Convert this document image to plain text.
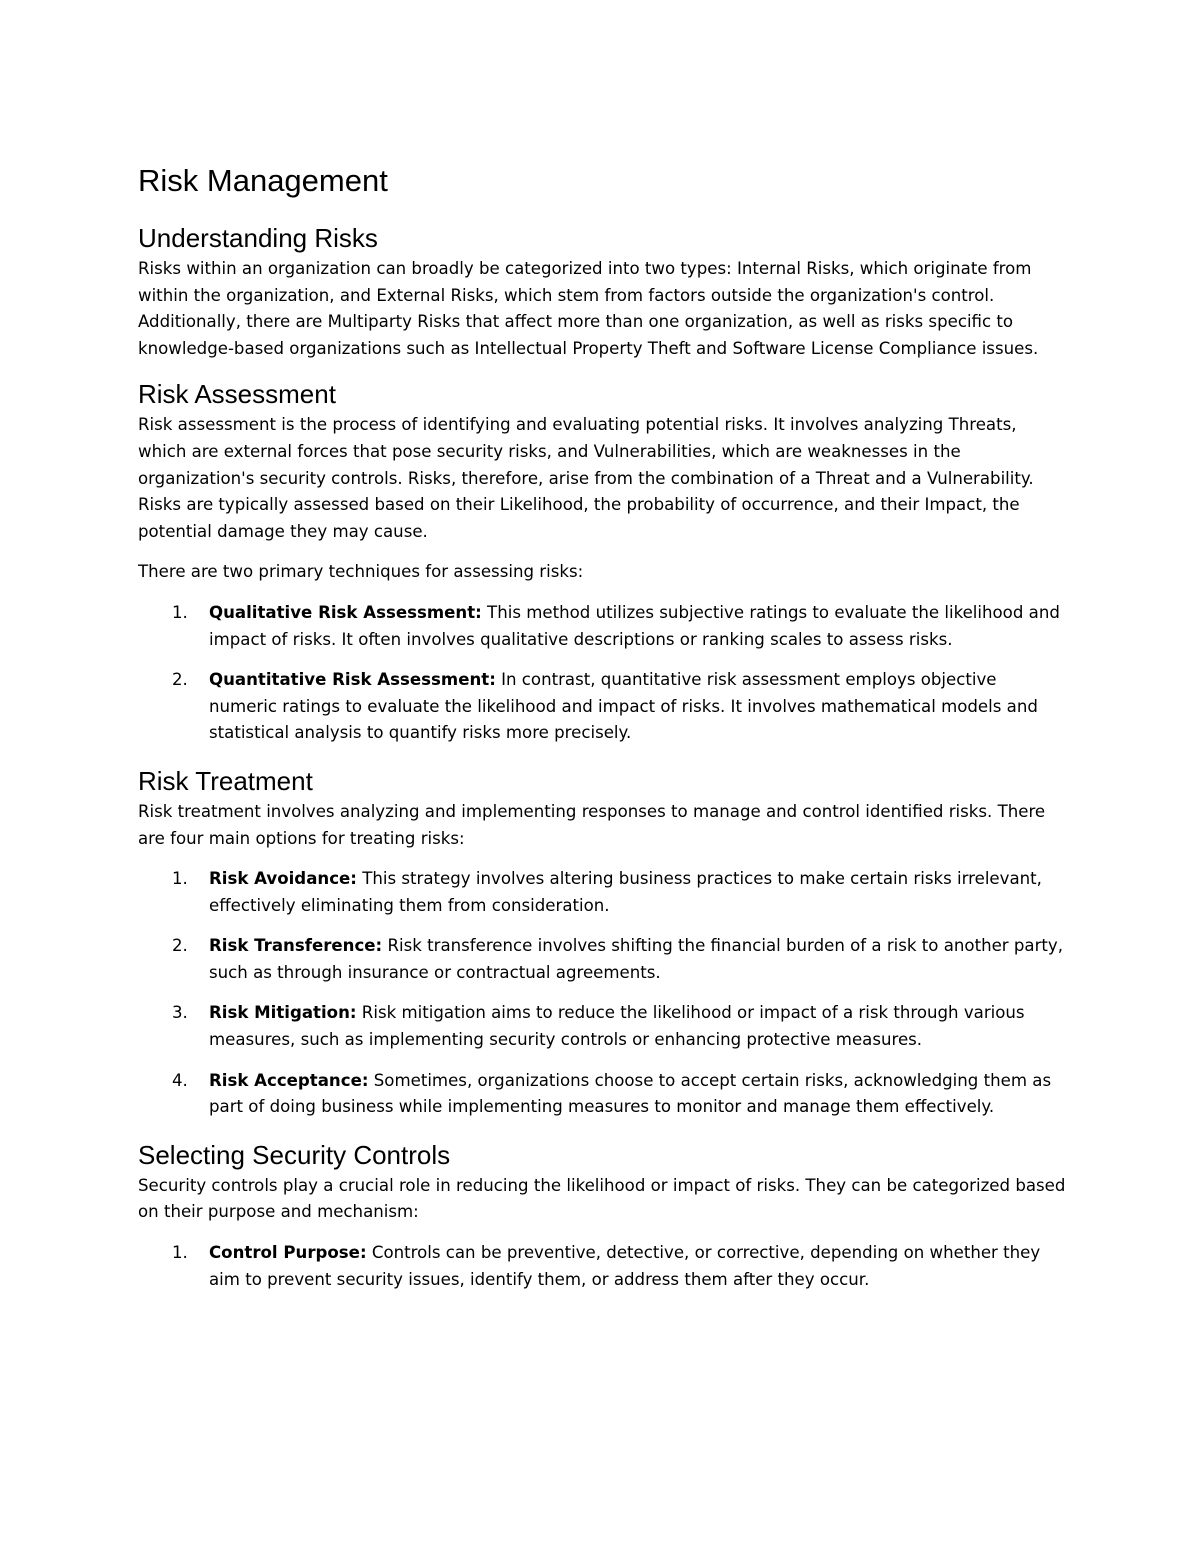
Risk Management
Understanding Risks

Risks within an organization can broadly be categorized into two types: Internal Risks, which originate from within the organization, and External Risks, which stem from factors outside the organization's control. Additionally, there are Multiparty Risks that affect more than one organization, as well as risks specific to knowledge-based organizations such as Intellectual Property Theft and Software License Compliance issues.

Risk Assessment

Risk assessment is the process of identifying and evaluating potential risks. It involves analyzing Threats, which are external forces that pose security risks, and Vulnerabilities, which are weaknesses in the organization's security controls. Risks, therefore, arise from the combination of a Threat and a Vulnerability. Risks are typically assessed based on their Likelihood, the probability of occurrence, and their Impact, the potential damage they may cause.

There are two primary techniques for assessing risks:

1. Qualitative Risk Assessment: This method utilizes subjective ratings to evaluate the likelihood and impact of risks. It often involves qualitative descriptions or ranking scales to assess risks.
2. Quantitative Risk Assessment: In contrast, quantitative risk assessment employs objective numeric ratings to evaluate the likelihood and impact of risks. It involves mathematical models and statistical analysis to quantify risks more precisely.
Risk Treatment

Risk treatment involves analyzing and implementing responses to manage and control identified risks. There are four main options for treating risks:

1. Risk Avoidance: This strategy involves altering business practices to make certain risks irrelevant, effectively eliminating them from consideration.
2. Risk Transference: Risk transference involves shifting the financial burden of a risk to another party, such as through insurance or contractual agreements.
3. Risk Mitigation: Risk mitigation aims to reduce the likelihood or impact of a risk through various measures, such as implementing security controls or enhancing protective measures.
4. Risk Acceptance: Sometimes, organizations choose to accept certain risks, acknowledging them as part of doing business while implementing measures to monitor and manage them effectively.
Selecting Security Controls

Security controls play a crucial role in reducing the likelihood or impact of risks. They can be categorized based on their purpose and mechanism:

1. Control Purpose: Controls can be preventive, detective, or corrective, depending on whether they aim to prevent security issues, identify them, or address them after they occur.
